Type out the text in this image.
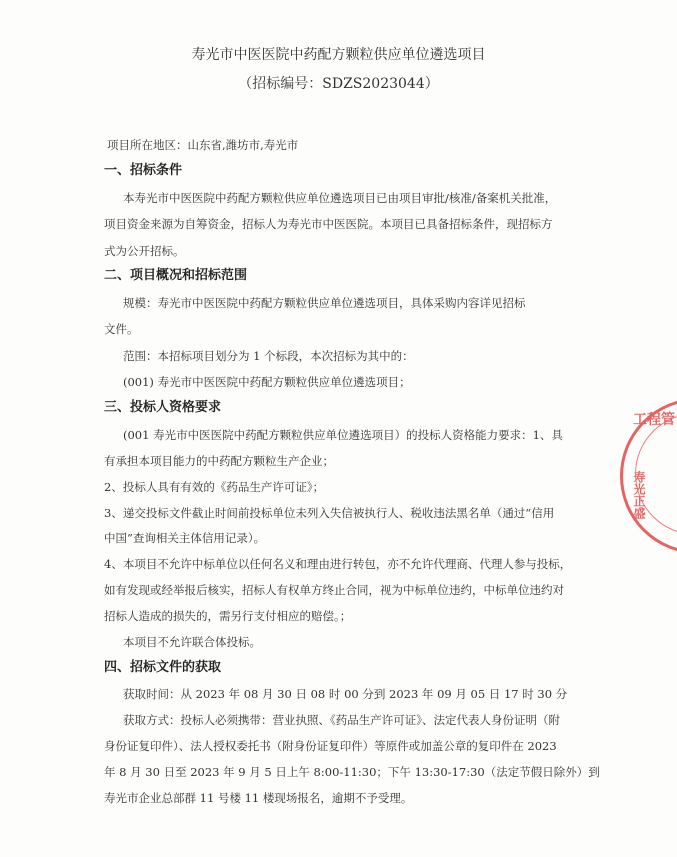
寿光市中医医院中药配方颗粒供应单位遴选项目
（招标编号：SDZS2023044）
项目所在地区：山东省,潍坊市,寿光市
一、招标条件
本寿光市中医医院中药配方颗粒供应单位遴选项目已由项目审批/核准/备案机关批准，
项目资金来源为自筹资金，招标人为寿光市中医医院。本项目已具备招标条件，现招标方
式为公开招标。
二、项目概况和招标范围
规模：寿光市中医医院中药配方颗粒供应单位遴选项目，具体采购内容详见招标
文件。
范围：本招标项目划分为 1 个标段，本次招标为其中的：
(001) 寿光市中医医院中药配方颗粒供应单位遴选项目；
三、投标人资格要求
(001 寿光市中医医院中药配方颗粒供应单位遴选项目）的投标人资格能力要求：1、具
有承担本项目能力的中药配方颗粒生产企业；
2、投标人具有有效的《药品生产许可证》；
3、递交投标文件截止时间前投标单位未列入失信被执行人、税收违法黑名单（通过“信用
中国”查询相关主体信用记录）。
4、本项目不允许中标单位以任何名义和理由进行转包，亦不允许代理商、代理人参与投标，
如有发现或经举报后核实，招标人有权单方终止合同，视为中标单位违约，中标单位违约对
招标人造成的损失的，需另行支付相应的赔偿。；
本项目不允许联合体投标。
四、招标文件的获取
获取时间：从 2023 年 08 月 30 日 08 时 00 分到 2023 年 09 月 05 日 17 时 30 分
获取方式：投标人必须携带：营业执照、《药品生产许可证》、法定代表人身份证明（附
身份证复印件）、法人授权委托书（附身份证复印件）等原件或加盖公章的复印件在 2023
年 8 月 30 日至 2023 年 9 月 5 日上午 8:00-11:30；下午 13:30-17:30（法定节假日除外）到
寿光市企业总部群 11 号楼 11 楼现场报名，逾期不予受理。
工程管
寿光正盛
